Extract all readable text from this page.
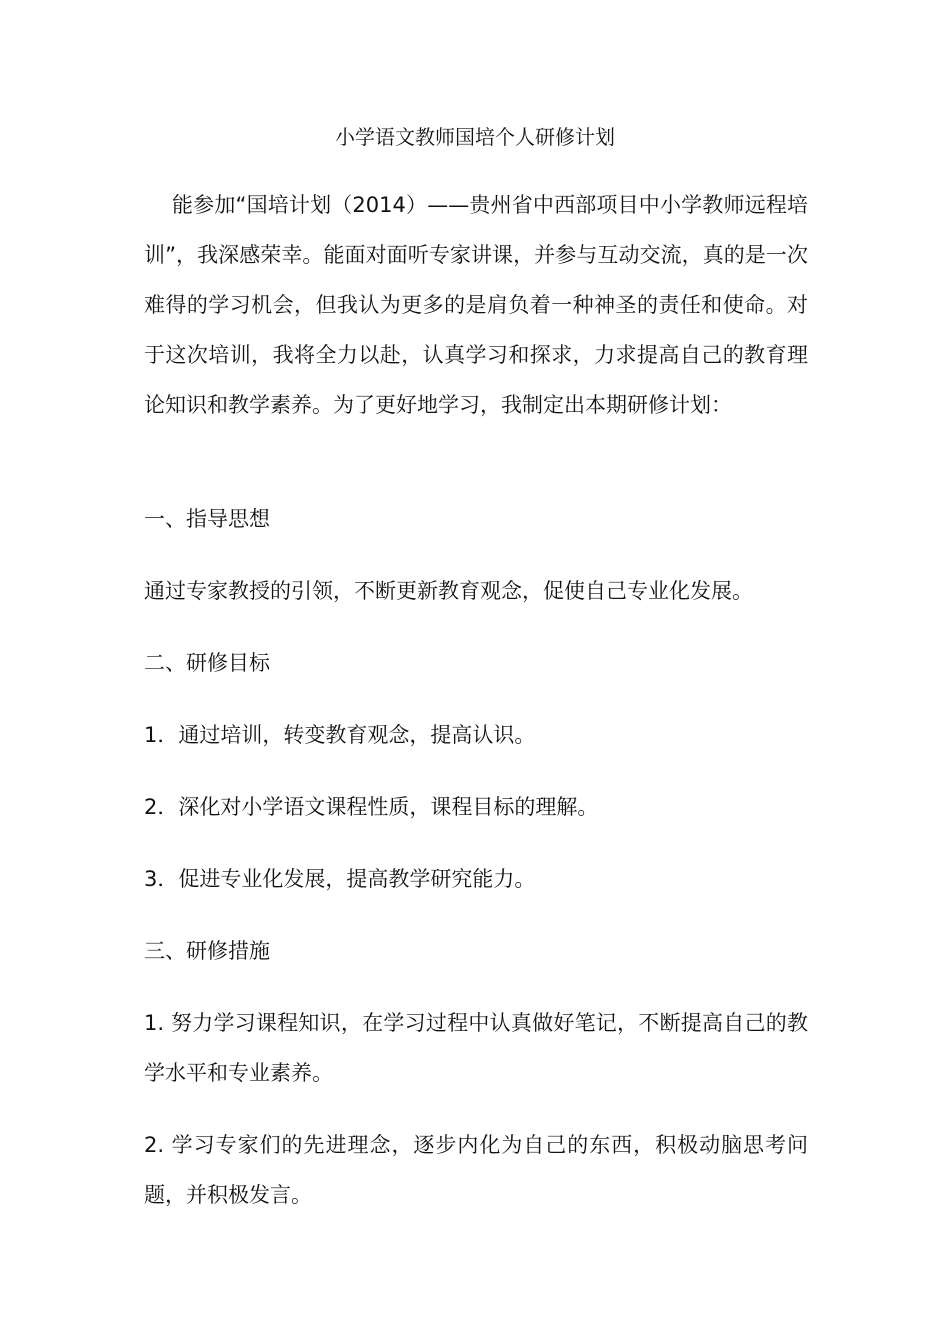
小学语文教师国培个人研修计划

能参加“国培计划（2014）——贵州省中西部项目中小学教师远程培训”，我深感荣幸。能面对面听专家讲课，并参与互动交流，真的是一次难得的学习机会，但我认为更多的是肩负着一种神圣的责任和使命。对于这次培训，我将全力以赴，认真学习和探求，力求提高自己的教育理论知识和教学素养。为了更好地学习，我制定出本期研修计划：

一、指导思想
通过专家教授的引领，不断更新教育观念，促使自己专业化发展。
二、研修目标
1．通过培训，转变教育观念，提高认识。
2．深化对小学语文课程性质，课程目标的理解。
3．促进专业化发展，提高教学研究能力。
三、研修措施

1. 努力学习课程知识，在学习过程中认真做好笔记，不断提高自己的教学水平和专业素养。

2. 学习专家们的先进理念，逐步内化为自己的东西，积极动脑思考问题，并积极发言。
